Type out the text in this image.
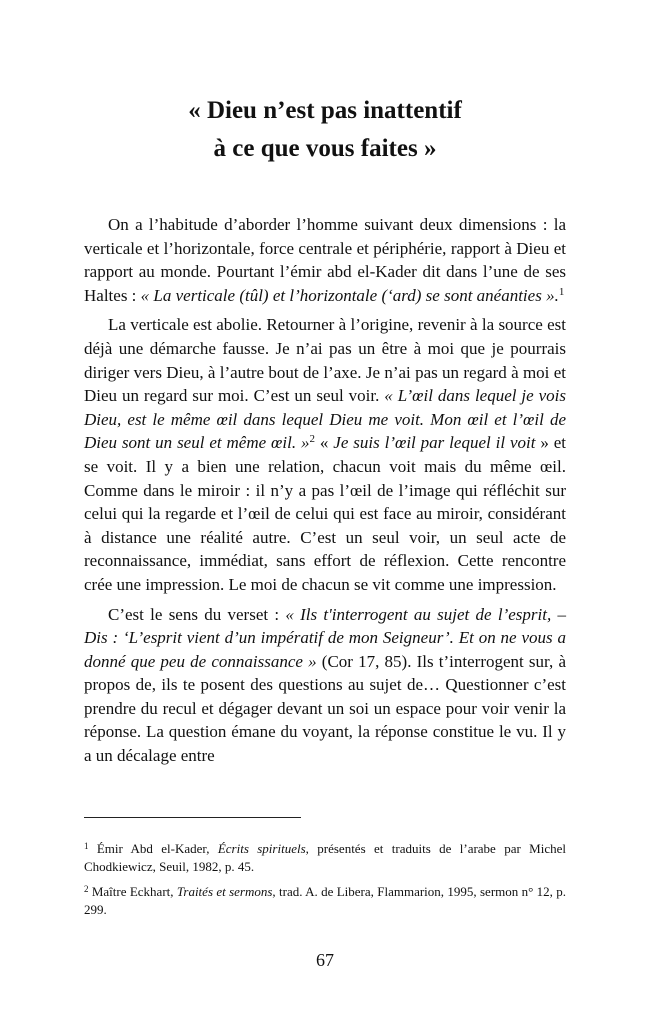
« Dieu n’est pas inattentif
à ce que vous faites »

On a l’habitude d’aborder l’homme suivant deux dimensions : la verticale et l’horizontale, force centrale et périphérie, rapport à Dieu et rapport au monde. Pourtant l’émir abd el-Kader dit dans l’une de ses Haltes : « La verticale (tûl) et l’horizontale (‘ard) se sont anéanties ».$^1$

La verticale est abolie. Retourner à l’origine, revenir à la source est déjà une démarche fausse. Je n’ai pas un être à moi que je pourrais diriger vers Dieu, à l’autre bout de l’axe. Je n’ai pas un regard à moi et Dieu un regard sur moi. C’est un seul voir. « L’œil dans lequel je vois Dieu, est le même œil dans lequel Dieu me voit. Mon œil et l’œil de Dieu sont un seul et même œil. »$^2$ « Je suis l’œil par lequel il voit » et se voit. Il y a bien une relation, chacun voit mais du même œil. Comme dans le miroir : il n’y a pas l’œil de l’image qui réfléchit sur celui qui la regarde et l’œil de celui qui est face au miroir, considérant à distance une réalité autre. C’est un seul voir, un seul acte de reconnaissance, immédiat, sans effort de réflexion. Cette rencontre crée une impression. Le moi de chacun se vit comme une impression.

C’est le sens du verset : « Ils t'interrogent au sujet de l’esprit, – Dis : ‘L’esprit vient d’un impératif de mon Seigneur’. Et on ne vous a donné que peu de connaissance » (Cor 17, 85). Ils t’interrogent sur, à propos de, ils te posent des questions au sujet de… Questionner c’est prendre du recul et dégager devant un soi un espace pour voir venir la réponse. La question émane du voyant, la réponse constitue le vu. Il y a un décalage entre

$^1$ Émir Abd el-Kader, Écrits spirituels, présentés et traduits de l’arabe par Michel Chodkiewicz, Seuil, 1982, p. 45.

$^2$ Maître Eckhart, Traités et sermons, trad. A. de Libera, Flammarion, 1995, sermon n° 12, p. 299.

67
